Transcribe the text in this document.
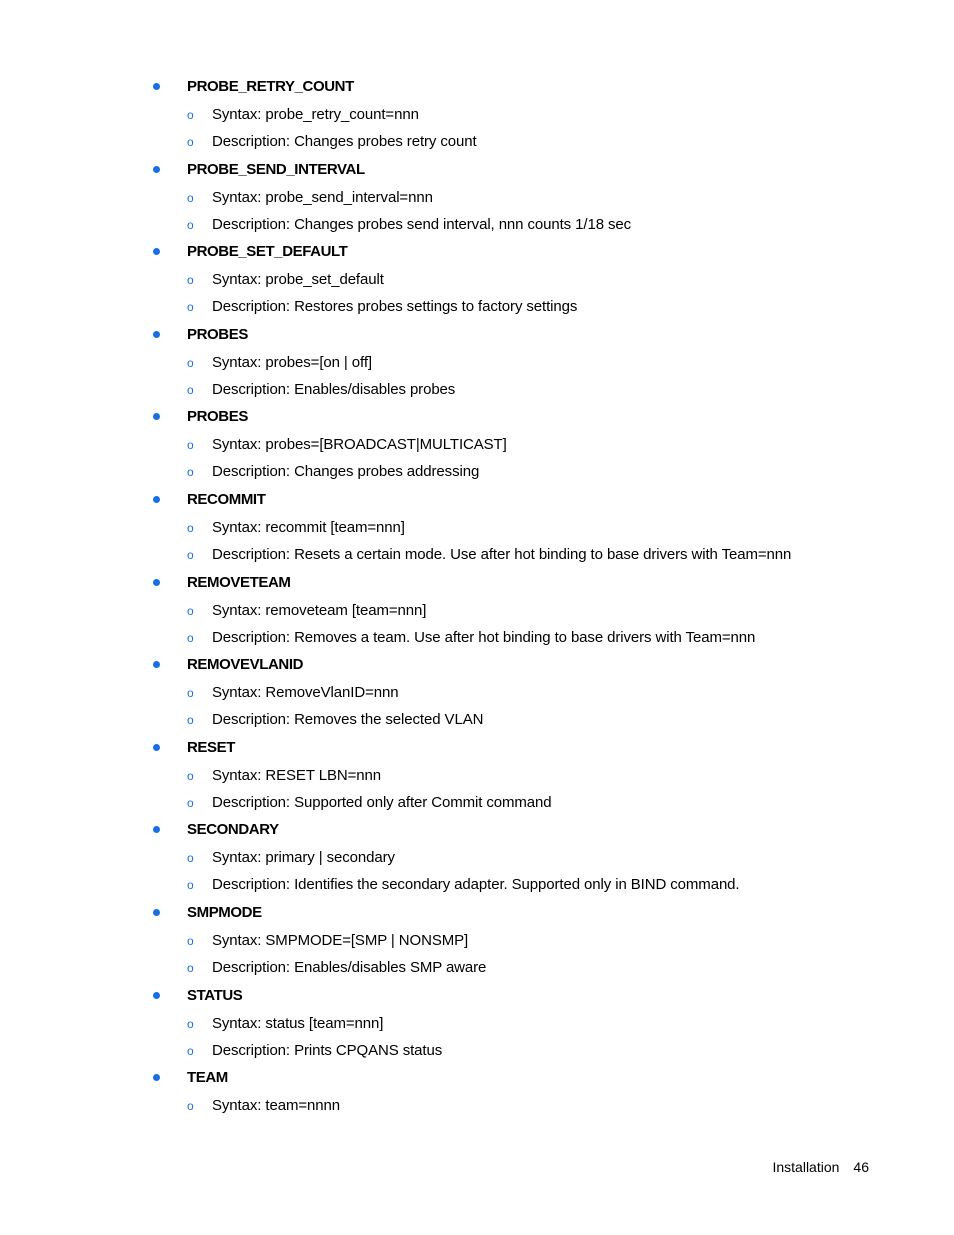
PROBE_RETRY_COUNT
o Syntax: probe_retry_count=nnn
o Description: Changes probes retry count
PROBE_SEND_INTERVAL
o Syntax: probe_send_interval=nnn
o Description: Changes probes send interval, nnn counts 1/18 sec
PROBE_SET_DEFAULT
o Syntax: probe_set_default
o Description: Restores probes settings to factory settings
PROBES
o Syntax: probes=[on | off]
o Description: Enables/disables probes
PROBES
o Syntax: probes=[BROADCAST|MULTICAST]
o Description: Changes probes addressing
RECOMMIT
o Syntax: recommit [team=nnn]
o Description: Resets a certain mode. Use after hot binding to base drivers with Team=nnn
REMOVETEAM
o Syntax: removeteam [team=nnn]
o Description: Removes a team. Use after hot binding to base drivers with Team=nnn
REMOVEVLANID
o Syntax: RemoveVlanID=nnn
o Description: Removes the selected VLAN
RESET
o Syntax: RESET LBN=nnn
o Description: Supported only after Commit command
SECONDARY
o Syntax: primary | secondary
o Description: Identifies the secondary adapter. Supported only in BIND command.
SMPMODE
o Syntax: SMPMODE=[SMP | NONSMP]
o Description: Enables/disables SMP aware
STATUS
o Syntax: status [team=nnn]
o Description: Prints CPQANS status
TEAM
o Syntax: team=nnnn
Installation 46
